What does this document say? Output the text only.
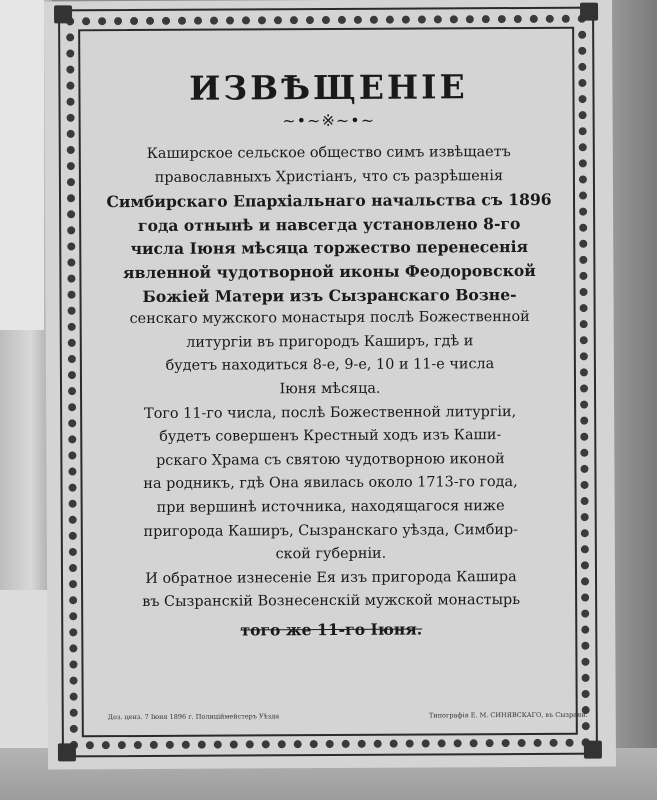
ИЗВѢЩЕНIЕ
~•~※~•~
Каширское сельское общество симъ извѣщаетъ
православныхъ Христiанъ, что съ разрѣшенiя
Симбирскаго Епархiальнаго начальства съ 1896
года отнынѣ и навсегда установлено 8-го
числа Iюня мѣсяца торжество перенесенiя
явленной чудотворной иконы Феодоровской
Божiей Матери изъ Сызранскаго Возне-
сенскаго мужского монастыря послѣ Божественной
литургiи въ пригородъ Каширъ, гдѣ и
будетъ находиться 8-е, 9-е, 10 и 11-е числа
Iюня мѣсяца.
Того 11-го числа, послѣ Божественной литургiи,
будетъ совершенъ Крестный ходъ изъ Каши-
рскаго Храма съ святою чудотворною иконой
на родникъ, гдѣ Она явилась около 1713-го года,
при вершинѣ источника, находящагося ниже
пригорода Каширъ, Сызранскаго уѣзда, Симбир-
ской губернiи.
И обратное изнесенiе Ея изъ пригорода Кашира
въ Сызранскiй Вознесенскiй мужской монастырь
того же 11-го Iюня.
Доз. ценз. 7 Iюня 1896 г. Полицiймейстеръ Уѣзда	Типографiя Е. М. СИНЯВСКАГО, въ Сызрани.
